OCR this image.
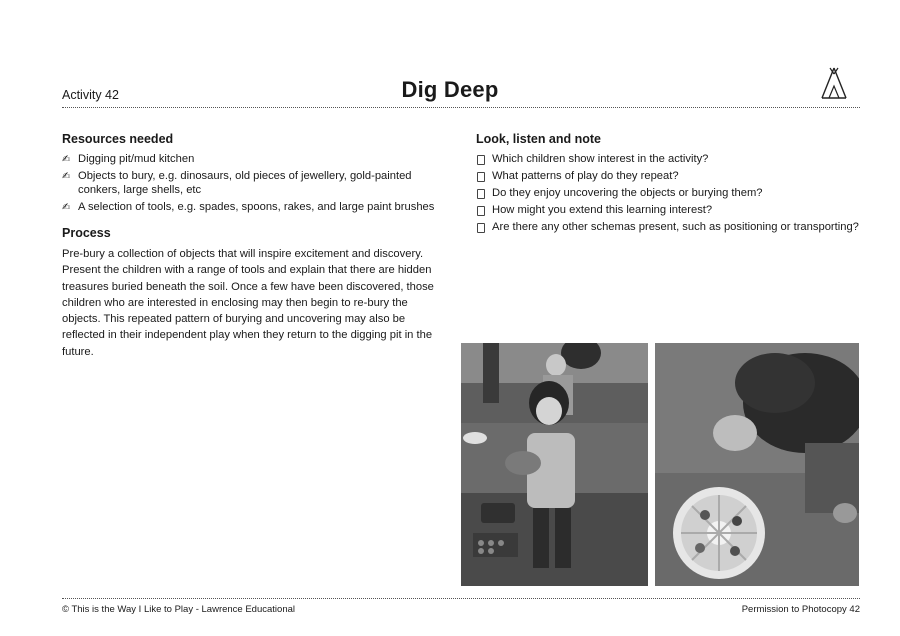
Activity 42	Dig Deep
Resources needed
✍ Digging pit/mud kitchen
✍ Objects to bury, e.g. dinosaurs, old pieces of jewellery, gold-painted conkers, large shells, etc
✍ A selection of tools, e.g. spades, spoons, rakes, and large paint brushes
Process

Pre-bury a collection of objects that will inspire excitement and discovery. Present the children with a range of tools and explain that there are hidden treasures buried beneath the soil. Once a few have been discovered, those children who are interested in enclosing may then begin to re-bury the objects. This repeated pattern of burying and uncovering may also be reflected in their independent play when they return to the digging pit in the future.

Look, listen and note
Which children show interest in the activity?
What patterns of play do they repeat?
Do they enjoy uncovering the objects or burying them?
How might you extend this learning interest?
Are there any other schemas present, such as positioning or transporting?
© This is the Way I Like to Play - Lawrence Educational	Permission to Photocopy 42
